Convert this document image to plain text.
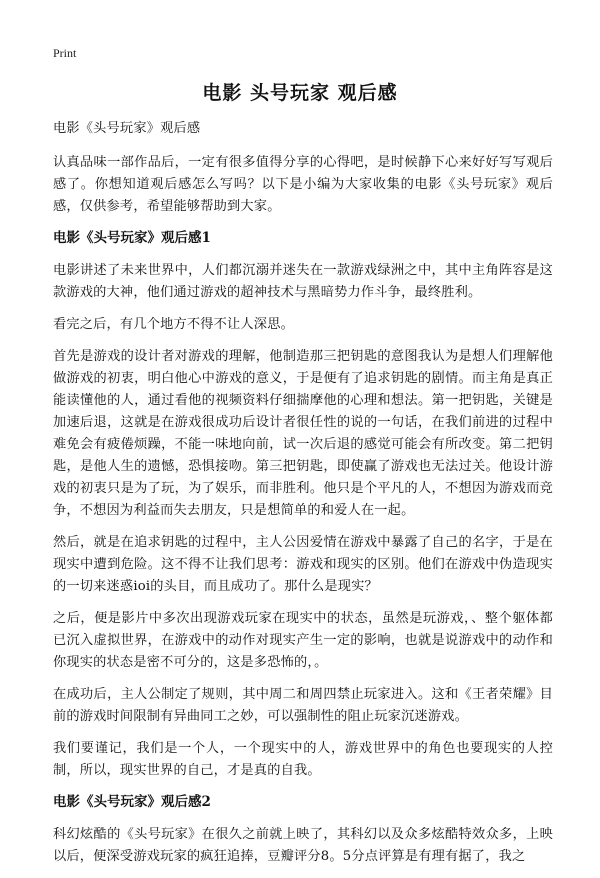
Print
电影 头号玩家 观后感

电影《头号玩家》观后感

认真品味一部作品后，一定有很多值得分享的心得吧，是时候静下心来好好写写观后感了。你想知道观后感怎么写吗？以下是小编为大家收集的电影《头号玩家》观后感，仅供参考，希望能够帮助到大家。

电影《头号玩家》观后感1

电影讲述了未来世界中，人们都沉溺并迷失在一款游戏绿洲之中，其中主角阵容是这款游戏的大神，他们通过游戏的超神技术与黑暗势力作斗争，最终胜利。

看完之后，有几个地方不得不让人深思。

首先是游戏的设计者对游戏的理解，他制造那三把钥匙的意图我认为是想人们理解他做游戏的初衷，明白他心中游戏的意义，于是便有了追求钥匙的剧情。而主角是真正能读懂他的人，通过看他的视频资料仔细揣摩他的心理和想法。第一把钥匙，关键是加速后退，这就是在游戏很成功后设计者很任性的说的一句话，在我们前进的过程中难免会有疲倦烦躁，不能一味地向前，试一次后退的感觉可能会有所改变。第二把钥匙，是他人生的遗憾，恐惧接吻。第三把钥匙，即使赢了游戏也无法过关。他设计游戏的初衷只是为了玩，为了娱乐，而非胜利。他只是个平凡的人，不想因为游戏而竞争，不想因为利益而失去朋友，只是想简单的和爱人在一起。

然后，就是在追求钥匙的过程中，主人公因爱情在游戏中暴露了自己的名字，于是在现实中遭到危险。这不得不让我们思考：游戏和现实的区别。他们在游戏中伪造现实的一切来迷惑ioi的头目，而且成功了。那什么是现实？

之后，便是影片中多次出现游戏玩家在现实中的状态，虽然是玩游戏，、整个躯体都已沉入虚拟世界，在游戏中的动作对现实产生一定的影响，也就是说游戏中的动作和你现实的状态是密不可分的，这是多恐怖的，。

在成功后，主人公制定了规则，其中周二和周四禁止玩家进入。这和《王者荣耀》目前的游戏时间限制有异曲同工之妙，可以强制性的阻止玩家沉迷游戏。

我们要谨记，我们是一个人，一个现实中的人，游戏世界中的角色也要现实的人控制，所以，现实世界的自己，才是真的自我。

电影《头号玩家》观后感2

科幻炫酷的《头号玩家》在很久之前就上映了，其科幻以及众多炫酷特效众多，上映以后，便深受游戏玩家的疯狂追捧，豆瓣评分8。5分点评算是有理有据了，我之
